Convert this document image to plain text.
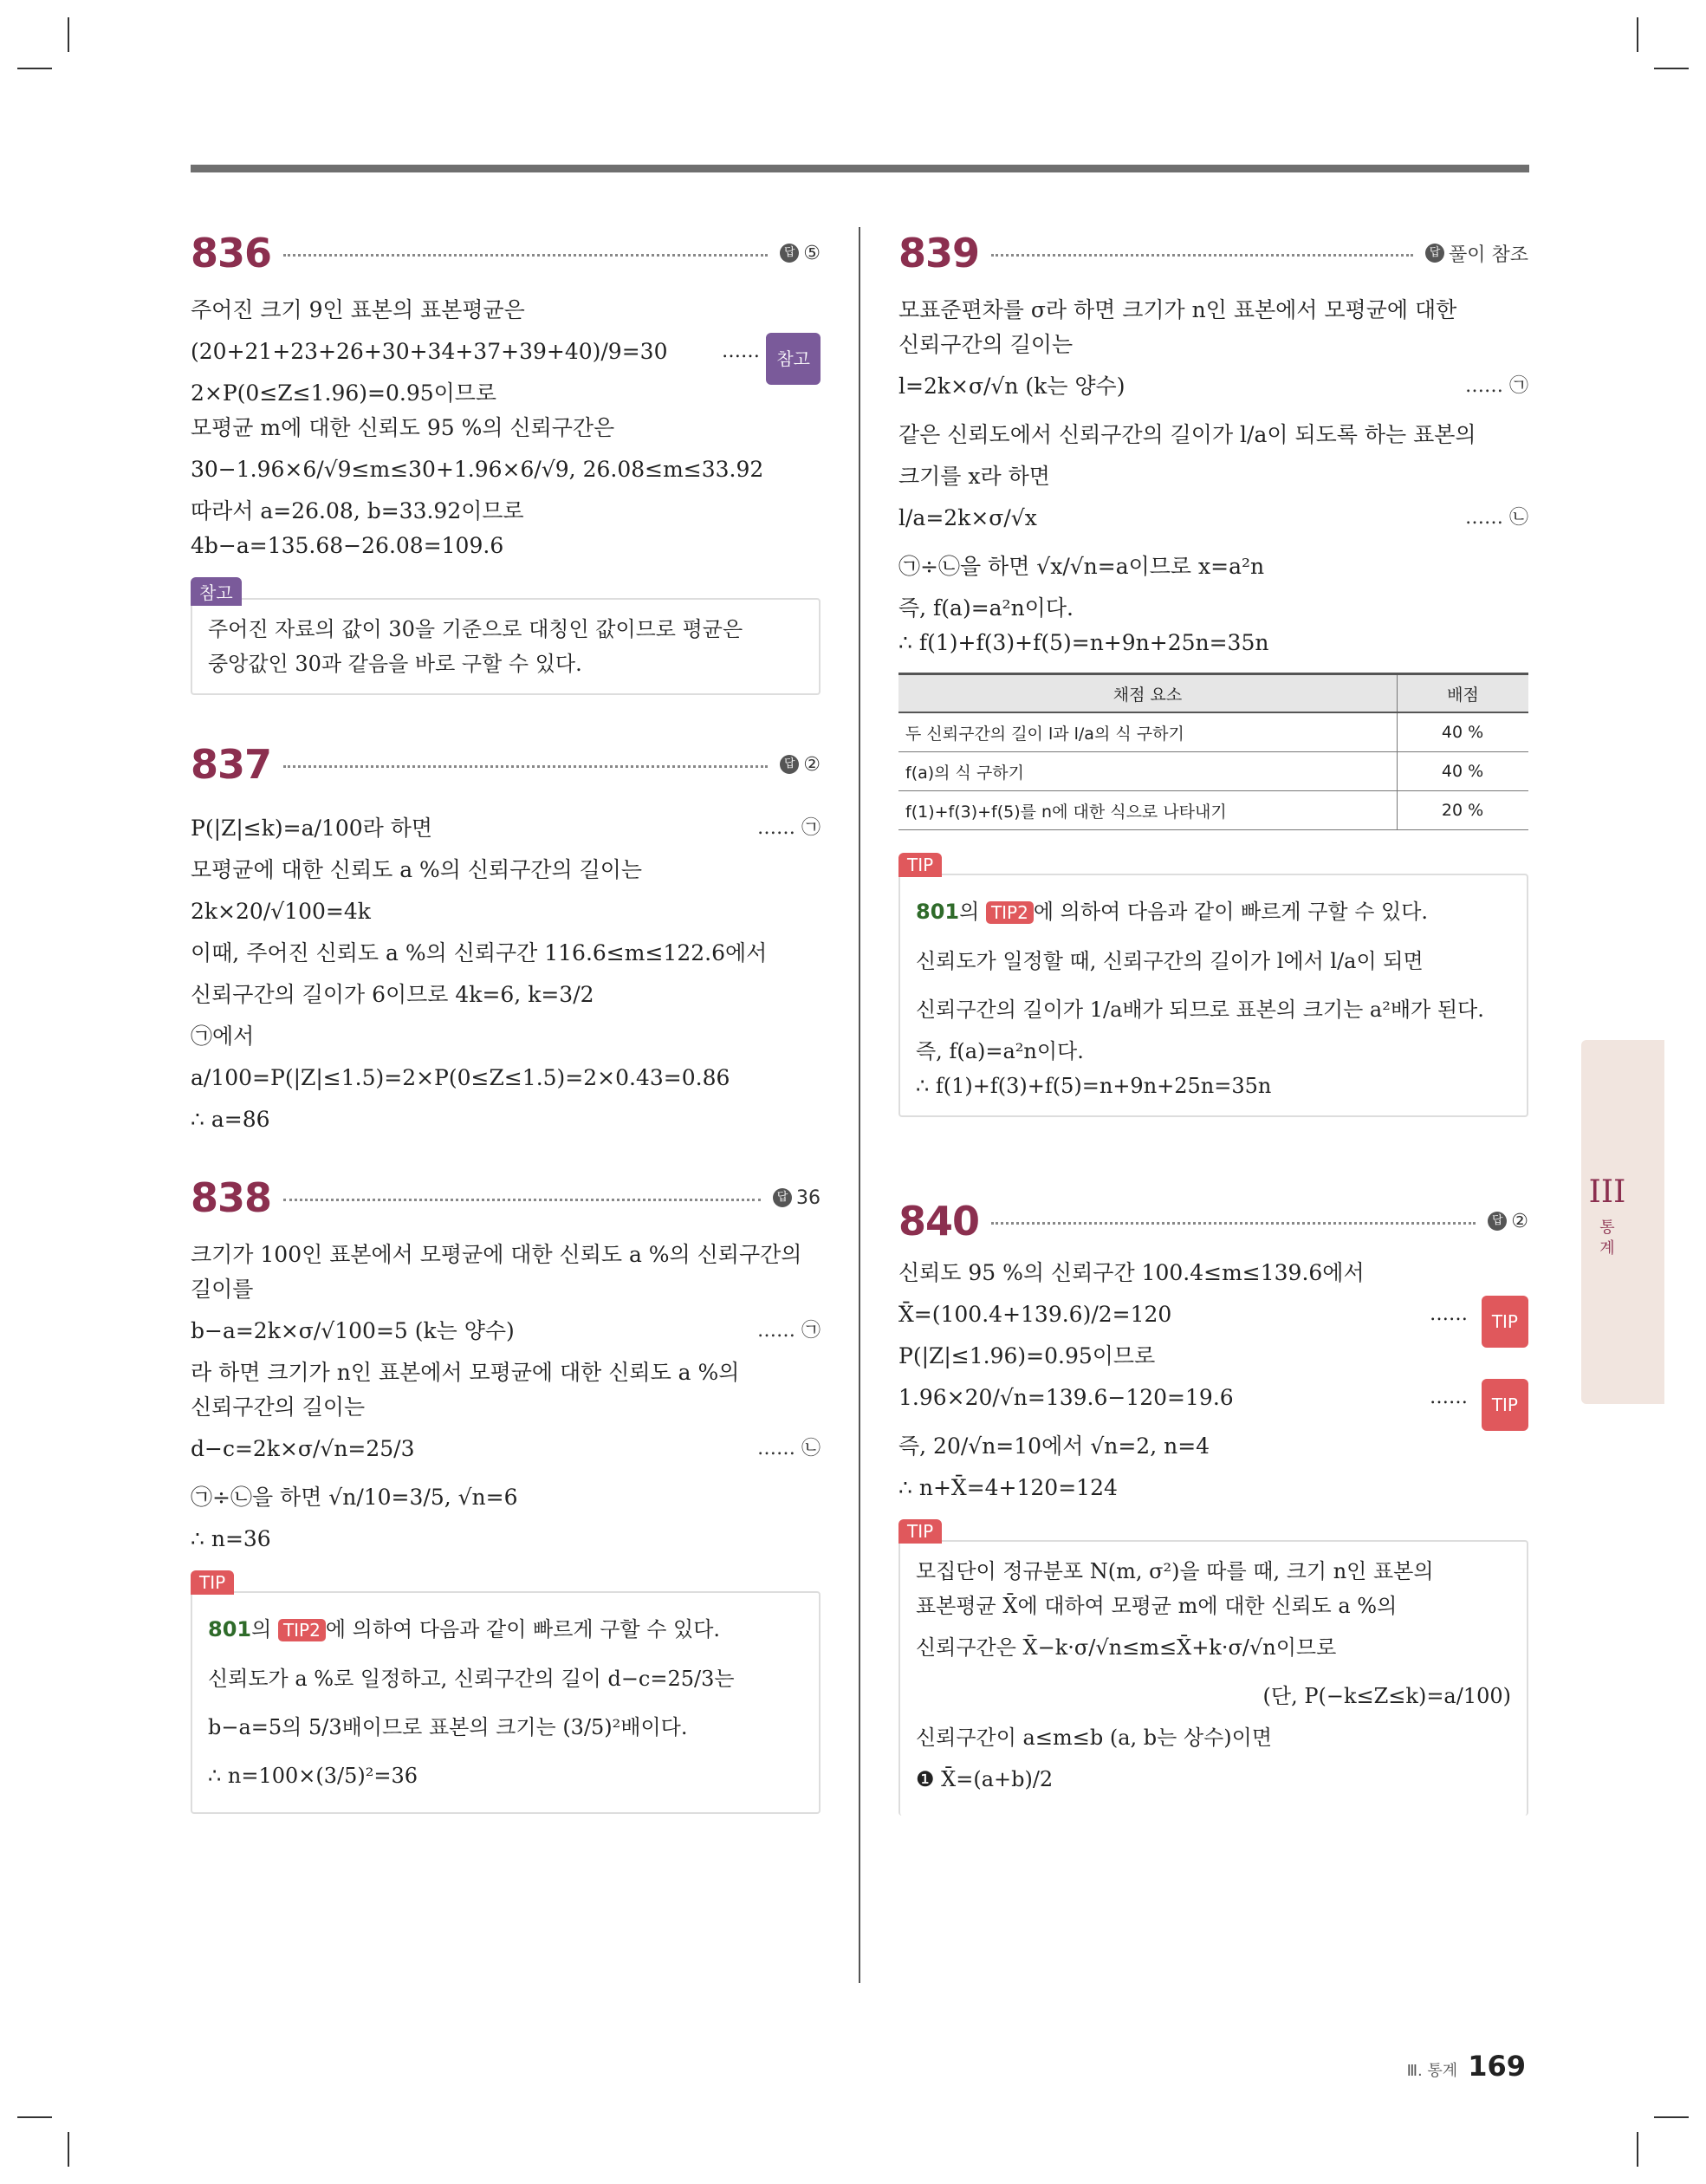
836	답 ⑤
주어진 크기 9인 표본의 표본평균은
(20+21+23+26+30+34+37+39+40)/9=30	…… 참고
2×P(0≤Z≤1.96)=0.95이므로
모평균 m에 대한 신뢰도 95 %의 신뢰구간은
30−1.96×6/√9≤m≤30+1.96×6/√9, 26.08≤m≤33.92
따라서 a=26.08, b=33.92이므로
4b−a=135.68−26.08=109.6
참고
주어진 자료의 값이 30을 기준으로 대칭인 값이므로 평균은
중앙값인 30과 같음을 바로 구할 수 있다.
837	답 ②
P(|Z|≤k)=a/100라 하면	…… ㉠
모평균에 대한 신뢰도 a %의 신뢰구간의 길이는
2k×20/√100=4k
이때, 주어진 신뢰도 a %의 신뢰구간 116.6≤m≤122.6에서
신뢰구간의 길이가 6이므로 4k=6, k=3/2
㉠에서
a/100=P(|Z|≤1.5)=2×P(0≤Z≤1.5)=2×0.43=0.86
∴ a=86
838	답 36
크기가 100인 표본에서 모평균에 대한 신뢰도 a %의 신뢰구간의
길이를
b−a=2k×σ/√100=5 (k는 양수)	…… ㉠
라 하면 크기가 n인 표본에서 모평균에 대한 신뢰도 a %의
신뢰구간의 길이는
d−c=2k×σ/√n=25/3	…… ㉡
㉠÷㉡을 하면 √n/10=3/5, √n=6
∴ n=36
TIP
801의 TIP2 에 의하여 다음과 같이 빠르게 구할 수 있다.
신뢰도가 a %로 일정하고, 신뢰구간의 길이 d−c=25/3는
b−a=5의 5/3배이므로 표본의 크기는 (3/5)²배이다.
∴ n=100×(3/5)²=36
839	답 풀이 참조
모표준편차를 σ라 하면 크기가 n인 표본에서 모평균에 대한
신뢰구간의 길이는
l=2k×σ/√n (k는 양수)	…… ㉠
같은 신뢰도에서 신뢰구간의 길이가 l/a이 되도록 하는 표본의
크기를 x라 하면
l/a=2k×σ/√x	…… ㉡
㉠÷㉡을 하면 √x/√n=a이므로 x=a²n
즉, f(a)=a²n이다.
∴ f(1)+f(3)+f(5)=n+9n+25n=35n
채점 요소	배점
두 신뢰구간의 길이 l과 l/a의 식 구하기	40 %
f(a)의 식 구하기	40 %
f(1)+f(3)+f(5)를 n에 대한 식으로 나타내기	20 %
TIP
801의 TIP2 에 의하여 다음과 같이 빠르게 구할 수 있다.
신뢰도가 일정할 때, 신뢰구간의 길이가 l에서 l/a이 되면
신뢰구간의 길이가 1/a배가 되므로 표본의 크기는 a²배가 된다.
즉, f(a)=a²n이다.
∴ f(1)+f(3)+f(5)=n+9n+25n=35n
840	답 ②
신뢰도 95 %의 신뢰구간 100.4≤m≤139.6에서
X̄=(100.4+139.6)/2=120	……	TIP
P(|Z|≤1.96)=0.95이므로
1.96×20/√n=139.6−120=19.6	……	TIP
즉, 20/√n=10에서 √n=2, n=4
∴ n+X̄=4+120=124
TIP
모집단이 정규분포 N(m, σ²)을 따를 때, 크기 n인 표본의
표본평균 X̄에 대하여 모평균 m에 대한 신뢰도 a %의
신뢰구간은 X̄−k·σ/√n≤m≤X̄+k·σ/√n이므로
(단, P(−k≤Z≤k)=a/100)
신뢰구간이 a≤m≤b (a, b는 상수)이면
❶ X̄=(a+b)/2
III
통
계
Ⅲ. 통계 169
